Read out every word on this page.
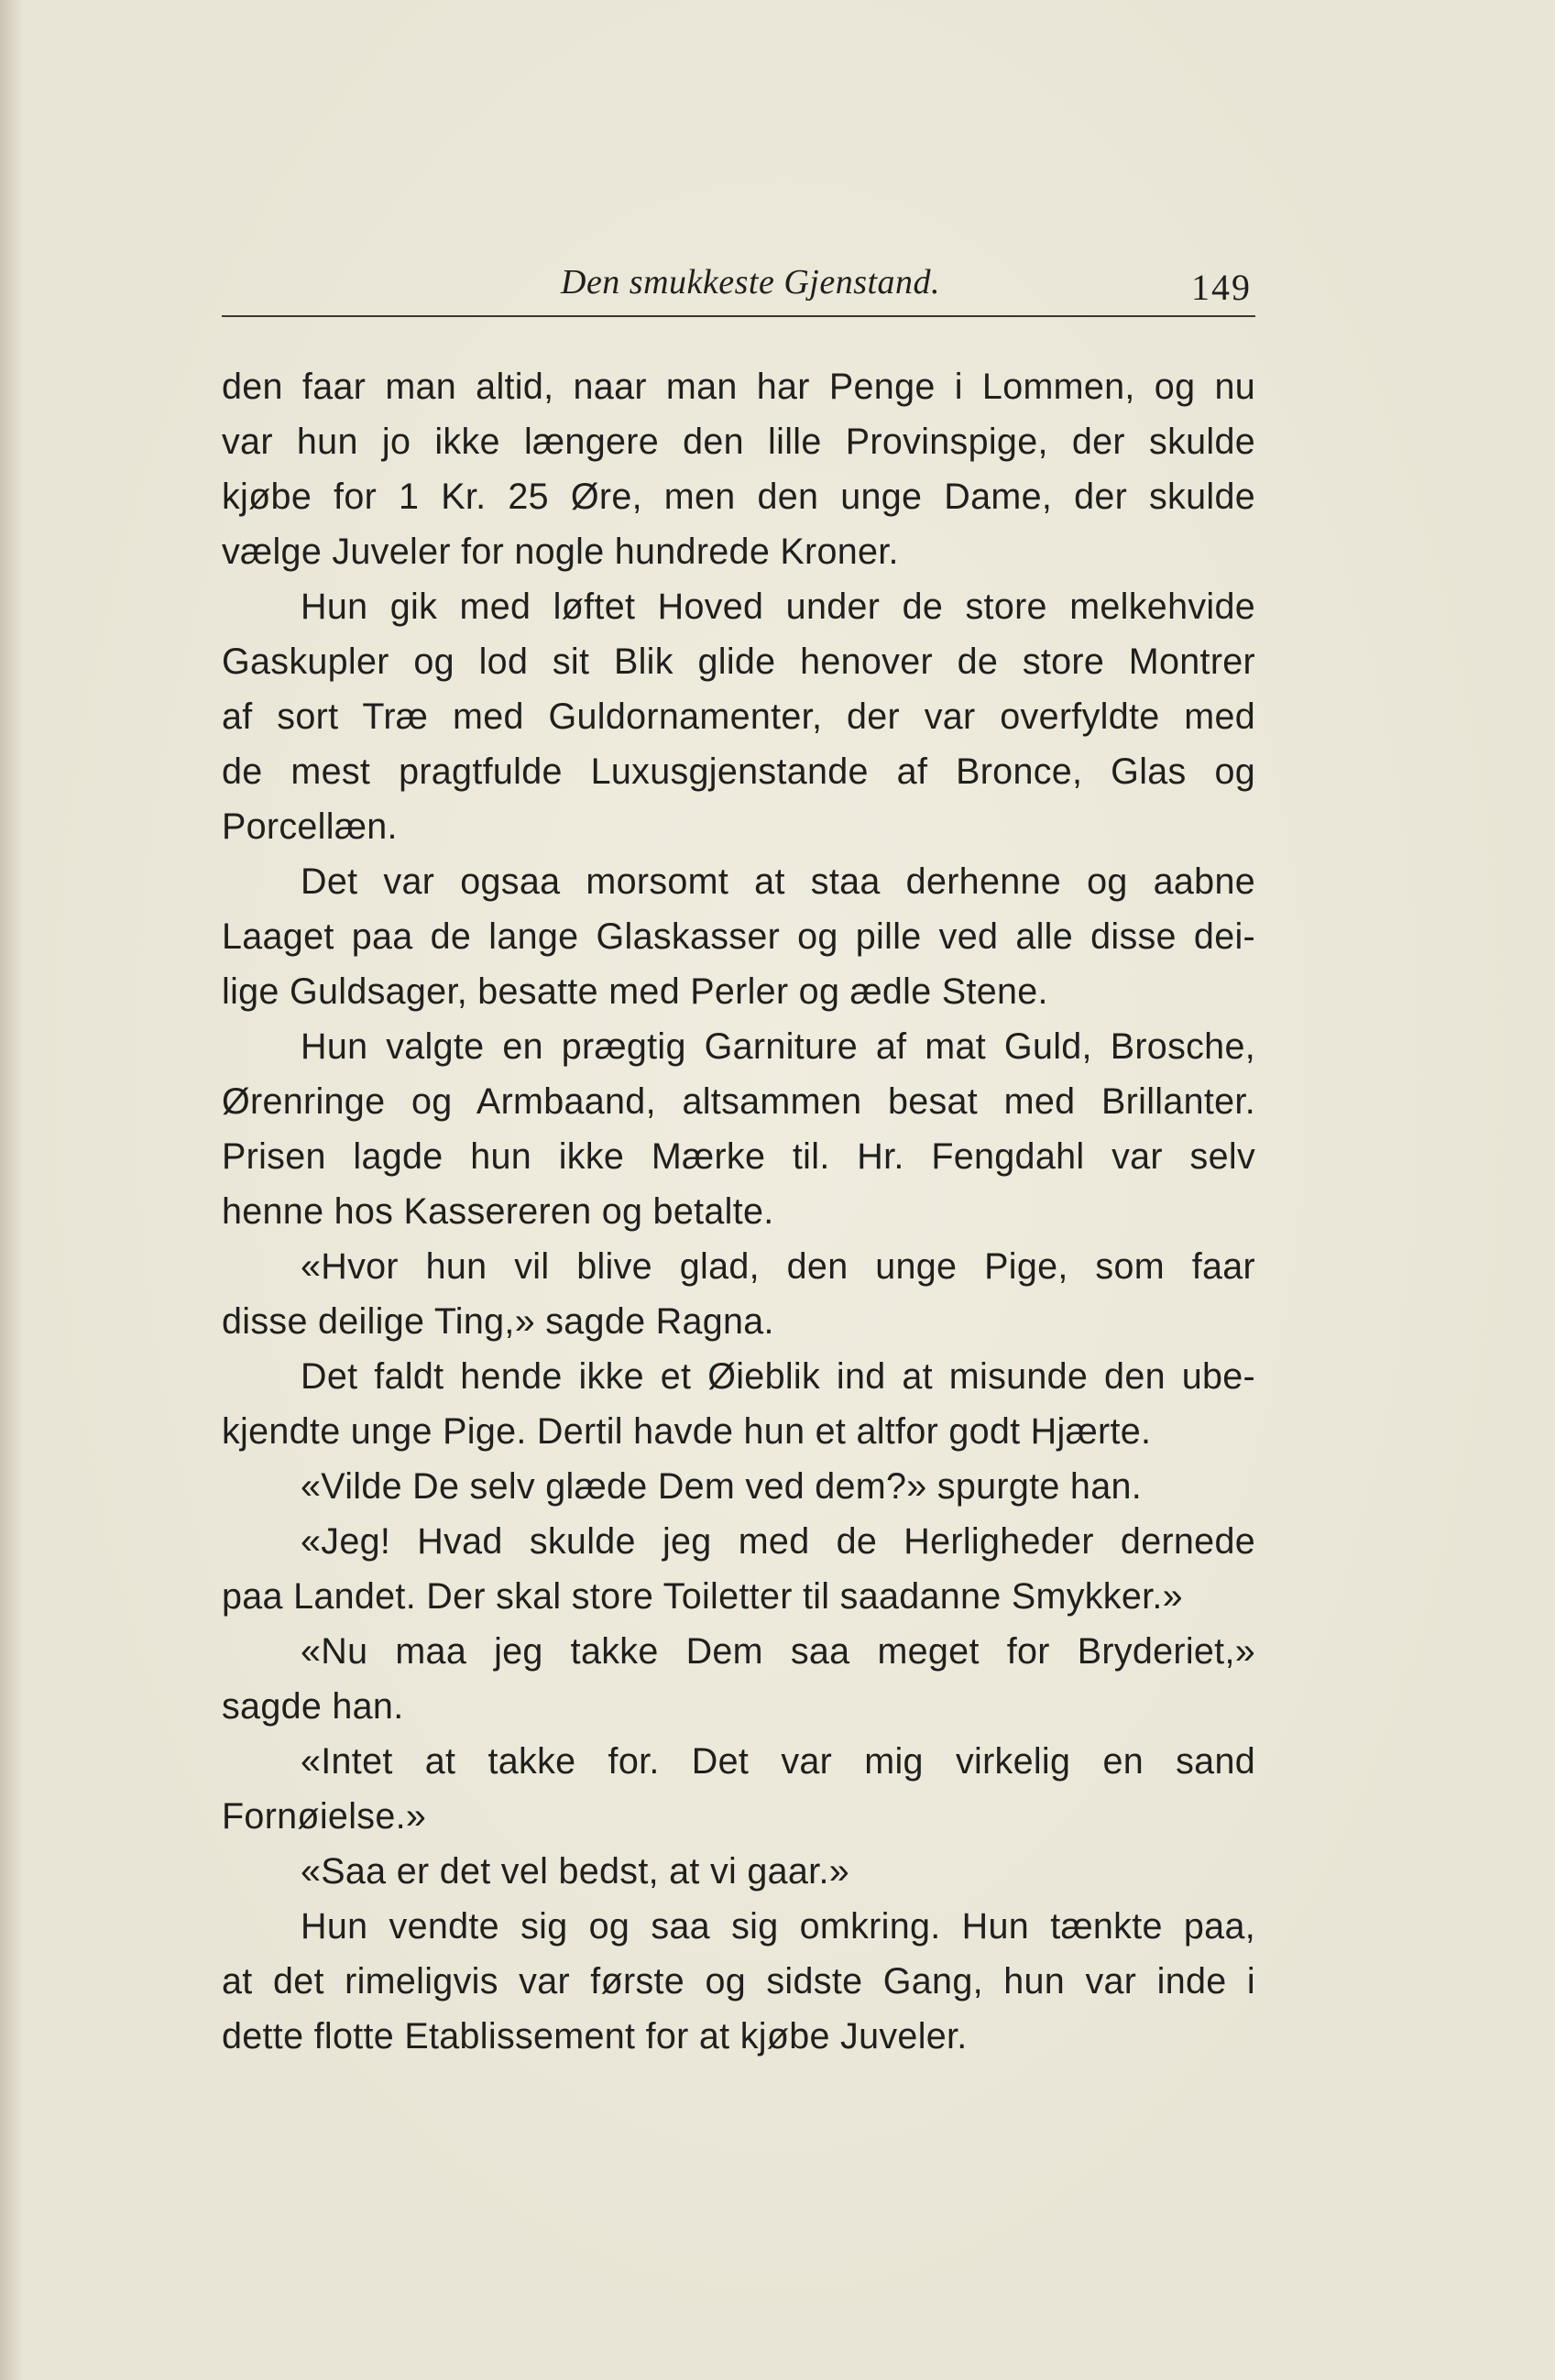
Den smukkeste Gjenstand.	149
den faar man altid, naar man har Penge i Lommen, og nu
var hun jo ikke længere den lille Provinspige, der skulde
kjøbe for 1 Kr. 25 Øre, men den unge Dame, der skulde
vælge Juveler for nogle hundrede Kroner.
Hun gik med løftet Hoved under de store melkehvide
Gaskupler og lod sit Blik glide henover de store Montrer
af sort Træ med Guldornamenter, der var overfyldte med
de mest pragtfulde Luxusgjenstande af Bronce, Glas og
Porcellæn.
Det var ogsaa morsomt at staa derhenne og aabne
Laaget paa de lange Glaskasser og pille ved alle disse dei-
lige Guldsager, besatte med Perler og ædle Stene.
Hun valgte en prægtig Garniture af mat Guld, Brosche,
Ørenringe og Armbaand, altsammen besat med Brillanter.
Prisen lagde hun ikke Mærke til. Hr. Fengdahl var selv
henne hos Kassereren og betalte.
«Hvor hun vil blive glad, den unge Pige, som faar
disse deilige Ting,» sagde Ragna.
Det faldt hende ikke et Øieblik ind at misunde den ube-
kjendte unge Pige. Dertil havde hun et altfor godt Hjærte.
«Vilde De selv glæde Dem ved dem?» spurgte han.
«Jeg! Hvad skulde jeg med de Herligheder dernede
paa Landet. Der skal store Toiletter til saadanne Smykker.»
«Nu maa jeg takke Dem saa meget for Bryderiet,»
sagde han.
«Intet at takke for. Det var mig virkelig en sand
Fornøielse.»
«Saa er det vel bedst, at vi gaar.»
Hun vendte sig og saa sig omkring. Hun tænkte paa,
at det rimeligvis var første og sidste Gang, hun var inde i
dette flotte Etablissement for at kjøbe Juveler.
